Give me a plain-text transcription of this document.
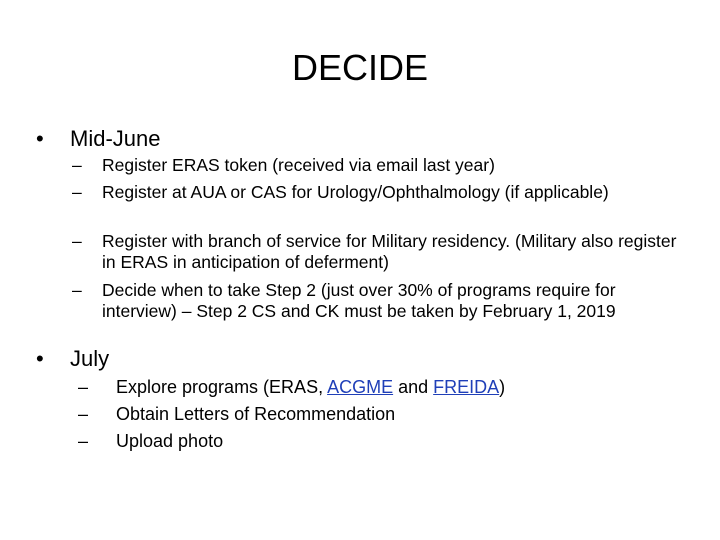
DECIDE
• Mid-June
– Register ERAS token (received via email last year)
– Register at AUA or CAS for Urology/Ophthalmology (if applicable)
– Register with branch of service for Military residency. (Military also register in ERAS in anticipation of deferment)
– Decide when to take Step 2 (just over 30% of programs require for interview) – Step 2 CS and CK must be taken by February 1, 2019
• July
– Explore programs (ERAS, ACGME and FREIDA)
– Obtain Letters of Recommendation
– Upload photo
